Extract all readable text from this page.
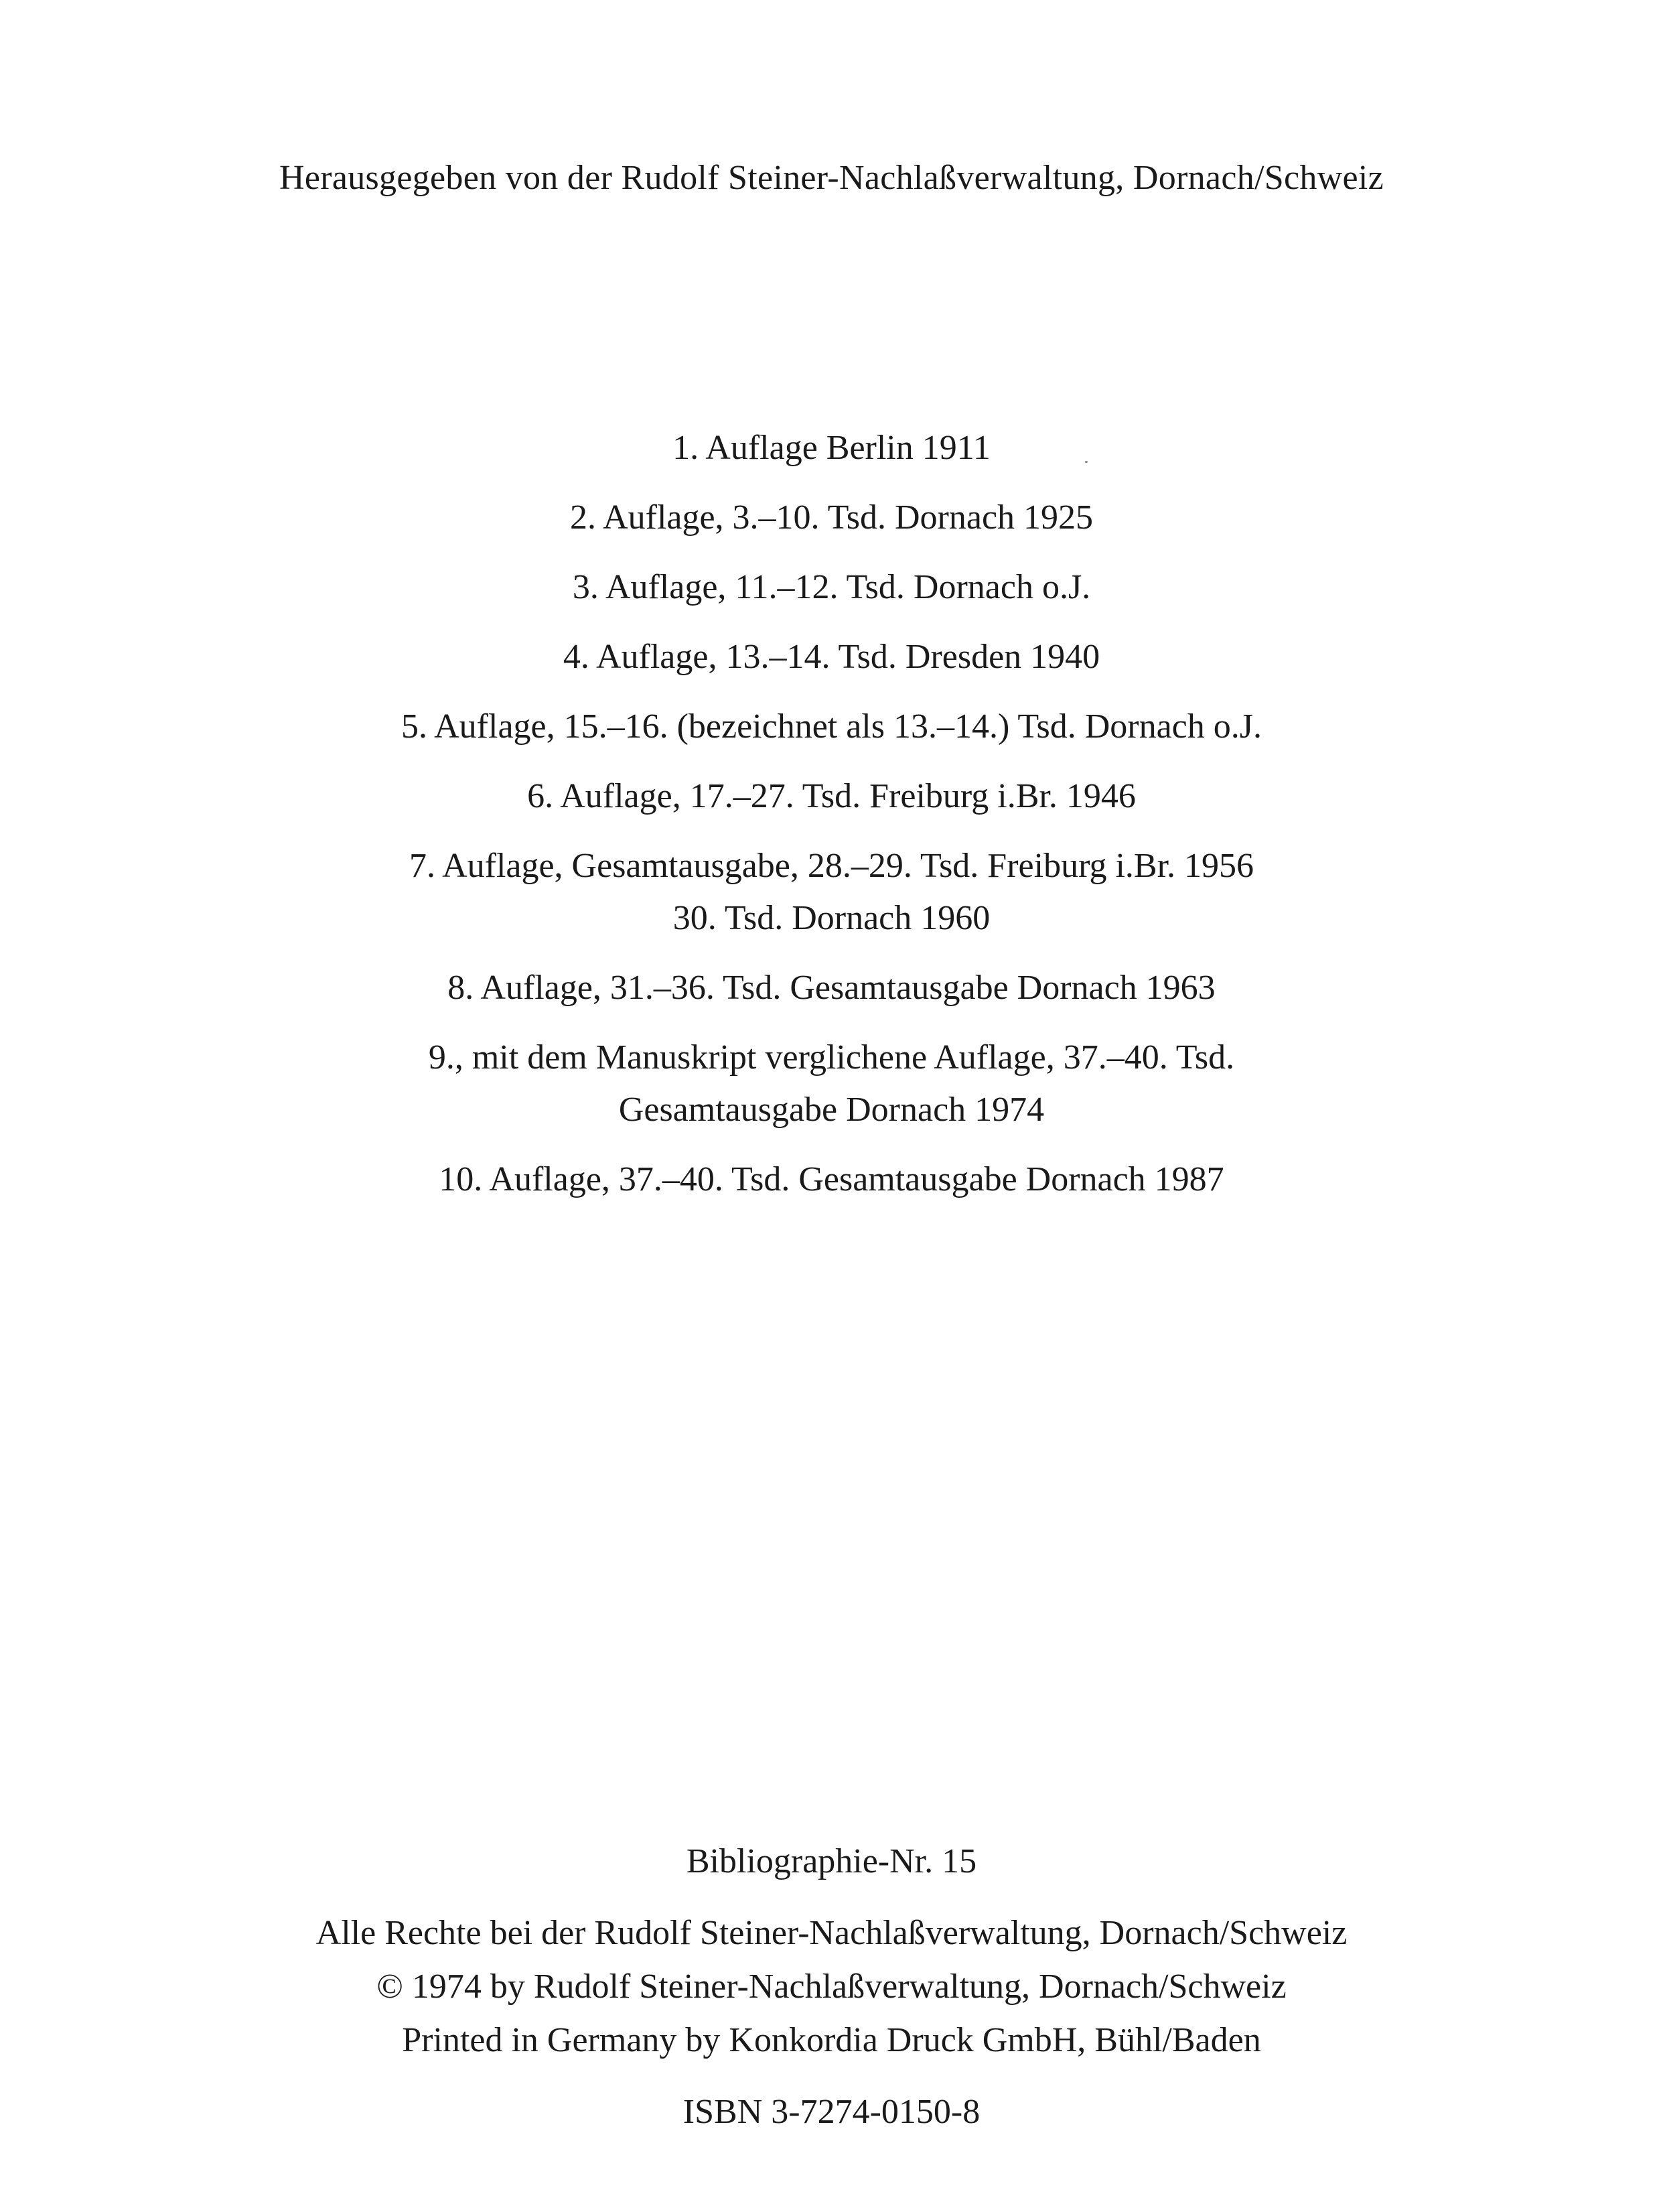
Herausgegeben von der Rudolf Steiner-Nachlaßverwaltung, Dornach/Schweiz
1. Auflage Berlin 1911
2. Auflage, 3.–10. Tsd. Dornach 1925
3. Auflage, 11.–12. Tsd. Dornach o.J.
4. Auflage, 13.–14. Tsd. Dresden 1940
5. Auflage, 15.–16. (bezeichnet als 13.–14.) Tsd. Dornach o.J.
6. Auflage, 17.–27. Tsd. Freiburg i.Br. 1946
7. Auflage, Gesamtausgabe, 28.–29. Tsd. Freiburg i.Br. 1956
30. Tsd. Dornach 1960
8. Auflage, 31.–36. Tsd. Gesamtausgabe Dornach 1963
9., mit dem Manuskript verglichene Auflage, 37.–40. Tsd.
Gesamtausgabe Dornach 1974
10. Auflage, 37.–40. Tsd. Gesamtausgabe Dornach 1987
Bibliographie-Nr. 15
Alle Rechte bei der Rudolf Steiner-Nachlaßverwaltung, Dornach/Schweiz
© 1974 by Rudolf Steiner-Nachlaßverwaltung, Dornach/Schweiz
Printed in Germany by Konkordia Druck GmbH, Bühl/Baden
ISBN 3-7274-0150-8
